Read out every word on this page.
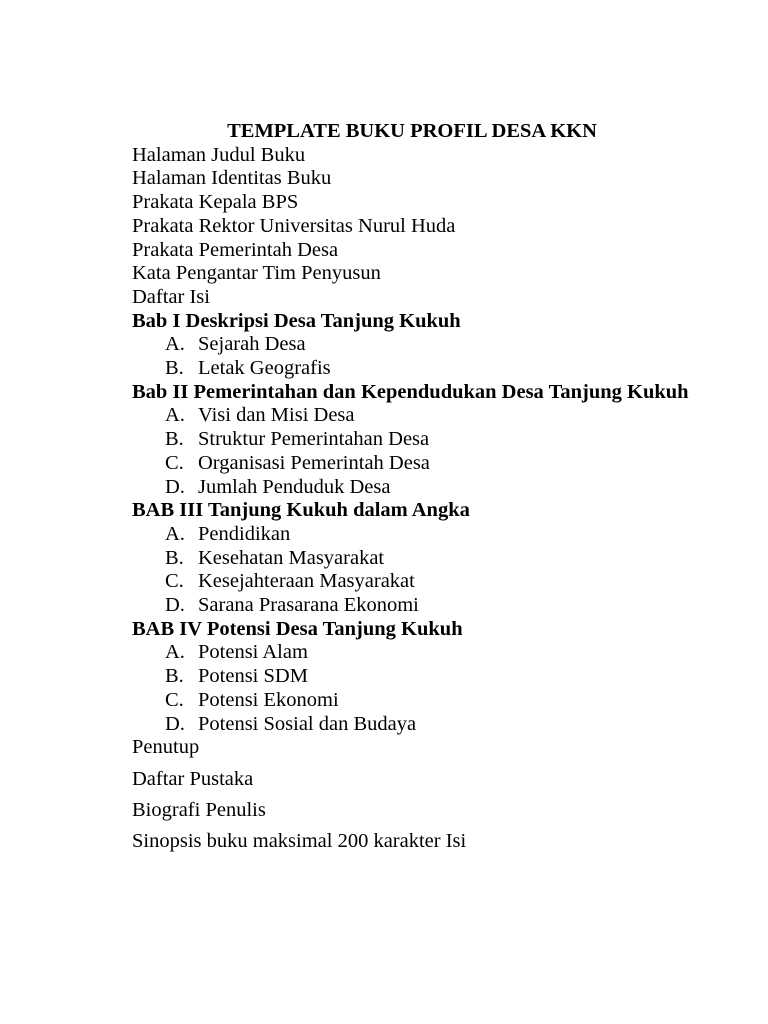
TEMPLATE BUKU PROFIL DESA KKN
Halaman Judul Buku
Halaman Identitas Buku
Prakata Kepala BPS
Prakata Rektor Universitas Nurul Huda
Prakata Pemerintah Desa
Kata Pengantar Tim Penyusun
Daftar Isi
Bab I Deskripsi Desa Tanjung Kukuh
A. Sejarah Desa
B. Letak Geografis
Bab II Pemerintahan dan Kependudukan Desa Tanjung Kukuh
A. Visi dan Misi Desa
B. Struktur Pemerintahan Desa
C. Organisasi Pemerintah Desa
D. Jumlah Penduduk Desa
BAB III Tanjung Kukuh dalam Angka
A. Pendidikan
B. Kesehatan Masyarakat
C. Kesejahteraan Masyarakat
D. Sarana Prasarana Ekonomi
BAB IV Potensi Desa Tanjung Kukuh
A. Potensi Alam
B. Potensi SDM
C. Potensi Ekonomi
D. Potensi Sosial dan Budaya
Penutup
Daftar Pustaka
Biografi Penulis
Sinopsis buku maksimal 200 karakter Isi
